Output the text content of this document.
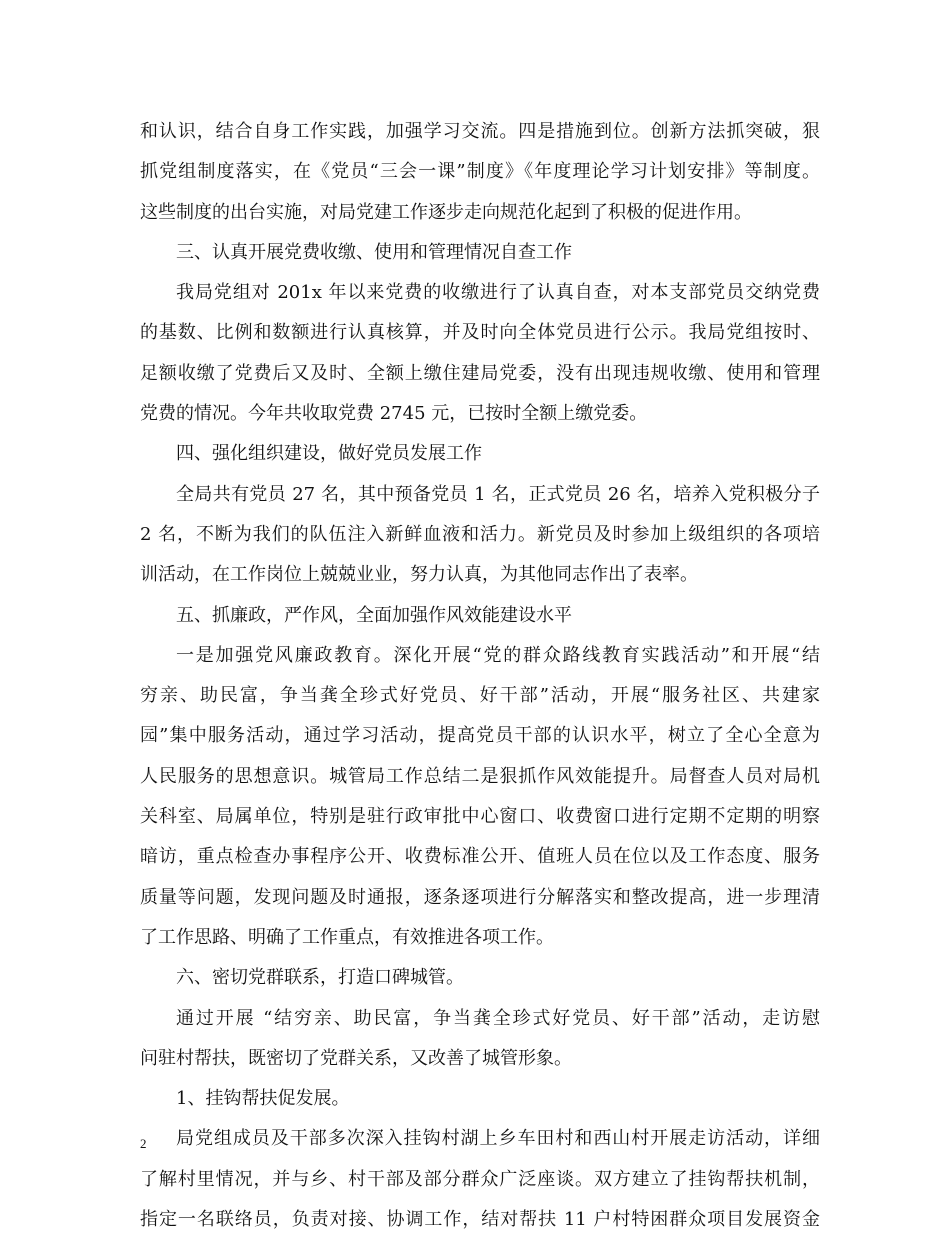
和认识，结合自身工作实践，加强学习交流。四是措施到位。创新方法抓突破，狠
抓党组制度落实，在《党员“三会一课”制度》《年度理论学习计划安排》等制度。
这些制度的出台实施，对局党建工作逐步走向规范化起到了积极的促进作用。
三、认真开展党费收缴、使用和管理情况自查工作
我局党组对 201x 年以来党费的收缴进行了认真自查，对本支部党员交纳党费
的基数、比例和数额进行认真核算，并及时向全体党员进行公示。我局党组按时、
足额收缴了党费后又及时、全额上缴住建局党委，没有出现违规收缴、使用和管理
党费的情况。今年共收取党费 2745 元，已按时全额上缴党委。
四、强化组织建设，做好党员发展工作
全局共有党员 27 名，其中预备党员 1 名，正式党员 26 名，培养入党积极分子
2 名，不断为我们的队伍注入新鲜血液和活力。新党员及时参加上级组织的各项培
训活动，在工作岗位上兢兢业业，努力认真，为其他同志作出了表率。
五、抓廉政，严作风，全面加强作风效能建设水平
一是加强党风廉政教育。深化开展“党的群众路线教育实践活动”和开展“结
穷亲、助民富，争当龚全珍式好党员、好干部”活动，开展“服务社区、共建家
园”集中服务活动，通过学习活动，提高党员干部的认识水平，树立了全心全意为
人民服务的思想意识。城管局工作总结二是狠抓作风效能提升。局督查人员对局机
关科室、局属单位，特别是驻行政审批中心窗口、收费窗口进行定期不定期的明察
暗访，重点检查办事程序公开、收费标准公开、值班人员在位以及工作态度、服务
质量等问题，发现问题及时通报，逐条逐项进行分解落实和整改提高，进一步理清
了工作思路、明确了工作重点，有效推进各项工作。
六、密切党群联系，打造口碑城管。
通过开展 “结穷亲、助民富，争当龚全珍式好党员、好干部”活动，走访慰
问驻村帮扶，既密切了党群关系，又改善了城管形象。
1、挂钩帮扶促发展。
局党组成员及干部多次深入挂钩村湖上乡车田村和西山村开展走访活动，详细
了解村里情况，并与乡、村干部及部分群众广泛座谈。双方建立了挂钩帮扶机制，
指定一名联络员，负责对接、协调工作，结对帮扶 11 户村特困群众项目发展资金
2
